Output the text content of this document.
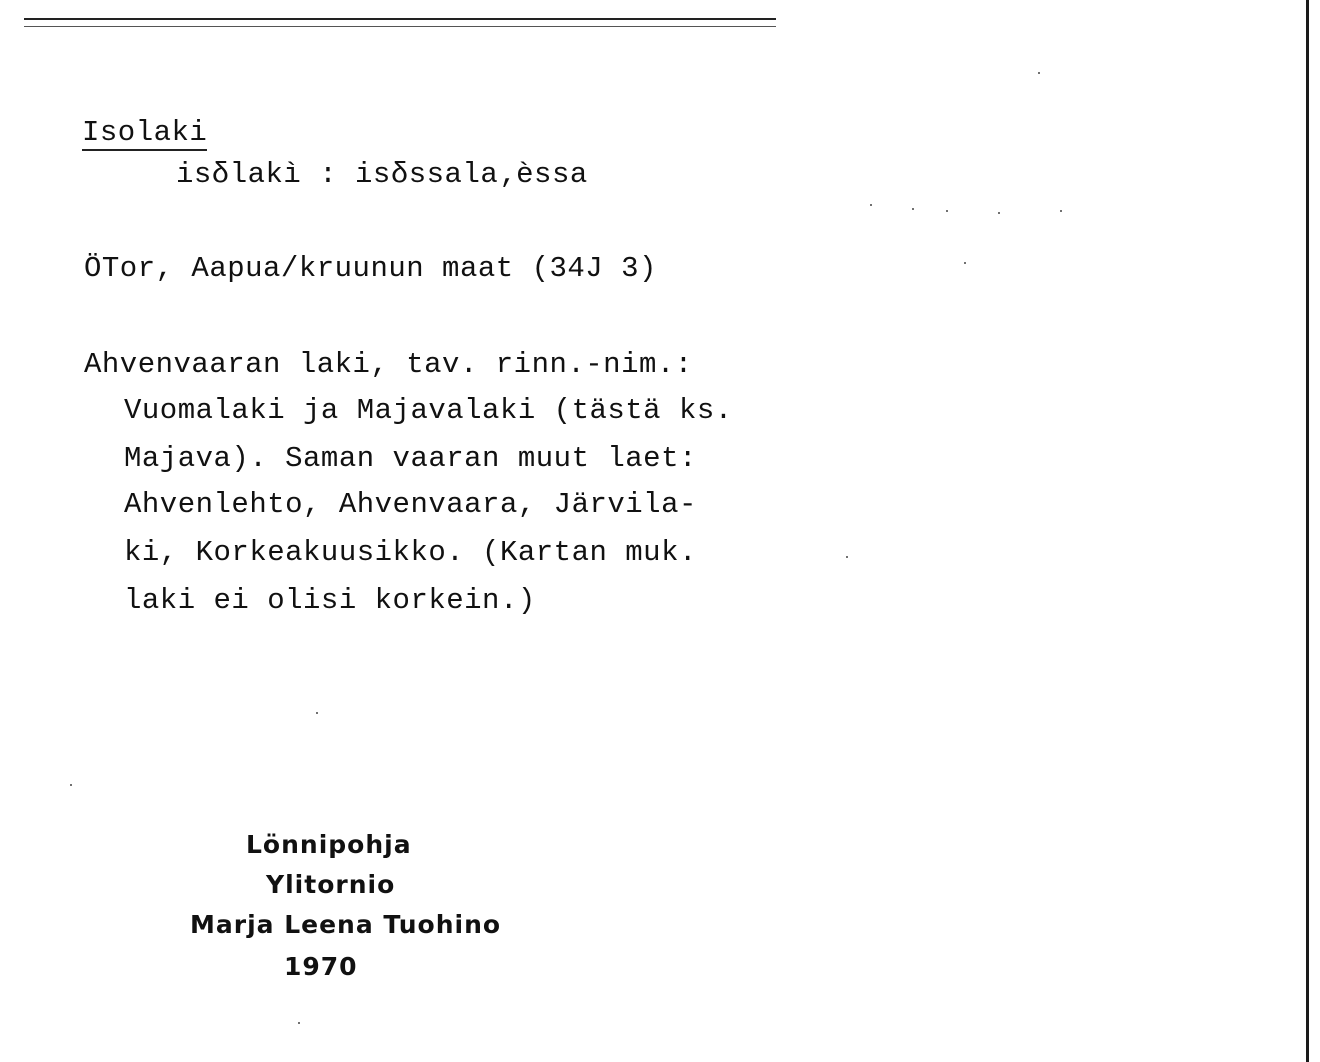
Isolaki
isδlakì : isδssala‚èssa
ÖTor, Aapua/kruunun maat (34J 3)
Ahvenvaaran laki, tav. rinn.-nim.:
Vuomalaki ja Majavalaki (tästä ks.
Majava). Saman vaaran muut laet:
Ahvenlehto, Ahvenvaara, Järvila-
ki, Korkeakuusikko. (Kartan muk.
laki ei olisi korkein.)
Lönnipohja
Ylitornio
Marja Leena Tuohino
1970
